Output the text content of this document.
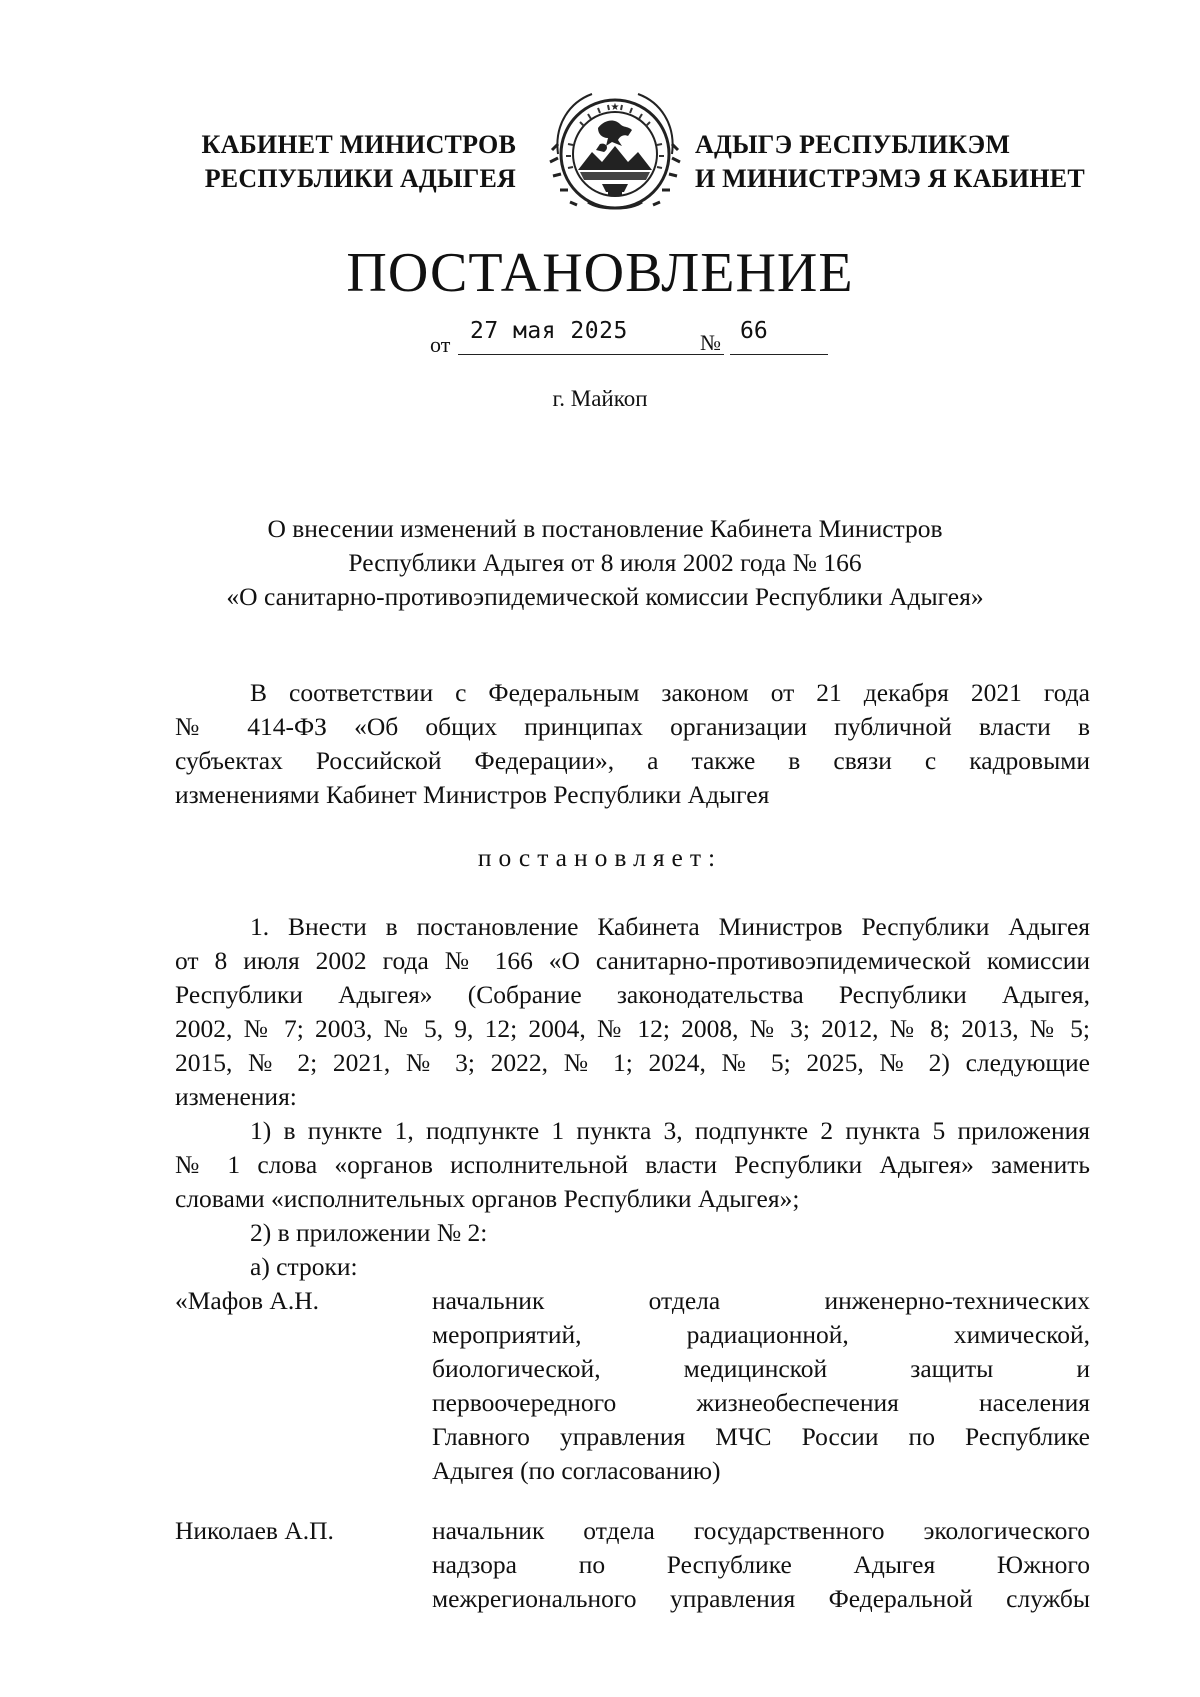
КАБИНЕТ МИНИСТРОВ
РЕСПУБЛИКИ АДЫГЕЯ
★
АДЫГЭ РЕСПУБЛИКЭМ
И МИНИСТРЭМЭ Я КАБИНЕТ
ПОСТАНОВЛЕНИЕ
от
27 мая 2025	№ 66
г. Майкоп
О внесении изменений в постановление Кабинета Министров
Республики Адыгея от 8 июля 2002 года № 166
«О санитарно-противоэпидемической комиссии Республики Адыгея»
В соответствии с Федеральным законом от 21 декабря 2021 года
№ 414-ФЗ «Об общих принципах организации публичной власти в
субъектах Российской Федерации», а также в связи с кадровыми
изменениями Кабинет Министров Республики Адыгея
постановляет:
1. Внести в постановление Кабинета Министров Республики Адыгея
от 8 июля 2002 года № 166 «О санитарно-противоэпидемической комиссии
Республики Адыгея» (Собрание законодательства Республики Адыгея,
2002, № 7; 2003, № 5, 9, 12; 2004, № 12; 2008, № 3; 2012, № 8; 2013, № 5;
2015, № 2; 2021, № 3; 2022, № 1; 2024, № 5; 2025, № 2) следующие
изменения:
1) в пункте 1, подпункте 1 пункта 3, подпункте 2 пункта 5 приложения
№ 1 слова «органов исполнительной власти Республики Адыгея» заменить
словами «исполнительных органов Республики Адыгея»;
2) в приложении № 2:
а) строки:
«Мафов А.Н.	начальник отдела инженерно-технических
мероприятий, радиационной, химической,
биологической, медицинской защиты и
первоочередного жизнеобеспечения населения
Главного управления МЧС России по Республике
Адыгея (по согласованию)
Николаев А.П.	начальник отдела государственного экологического
надзора по Республике Адыгея Южного
межрегионального управления Федеральной службы
